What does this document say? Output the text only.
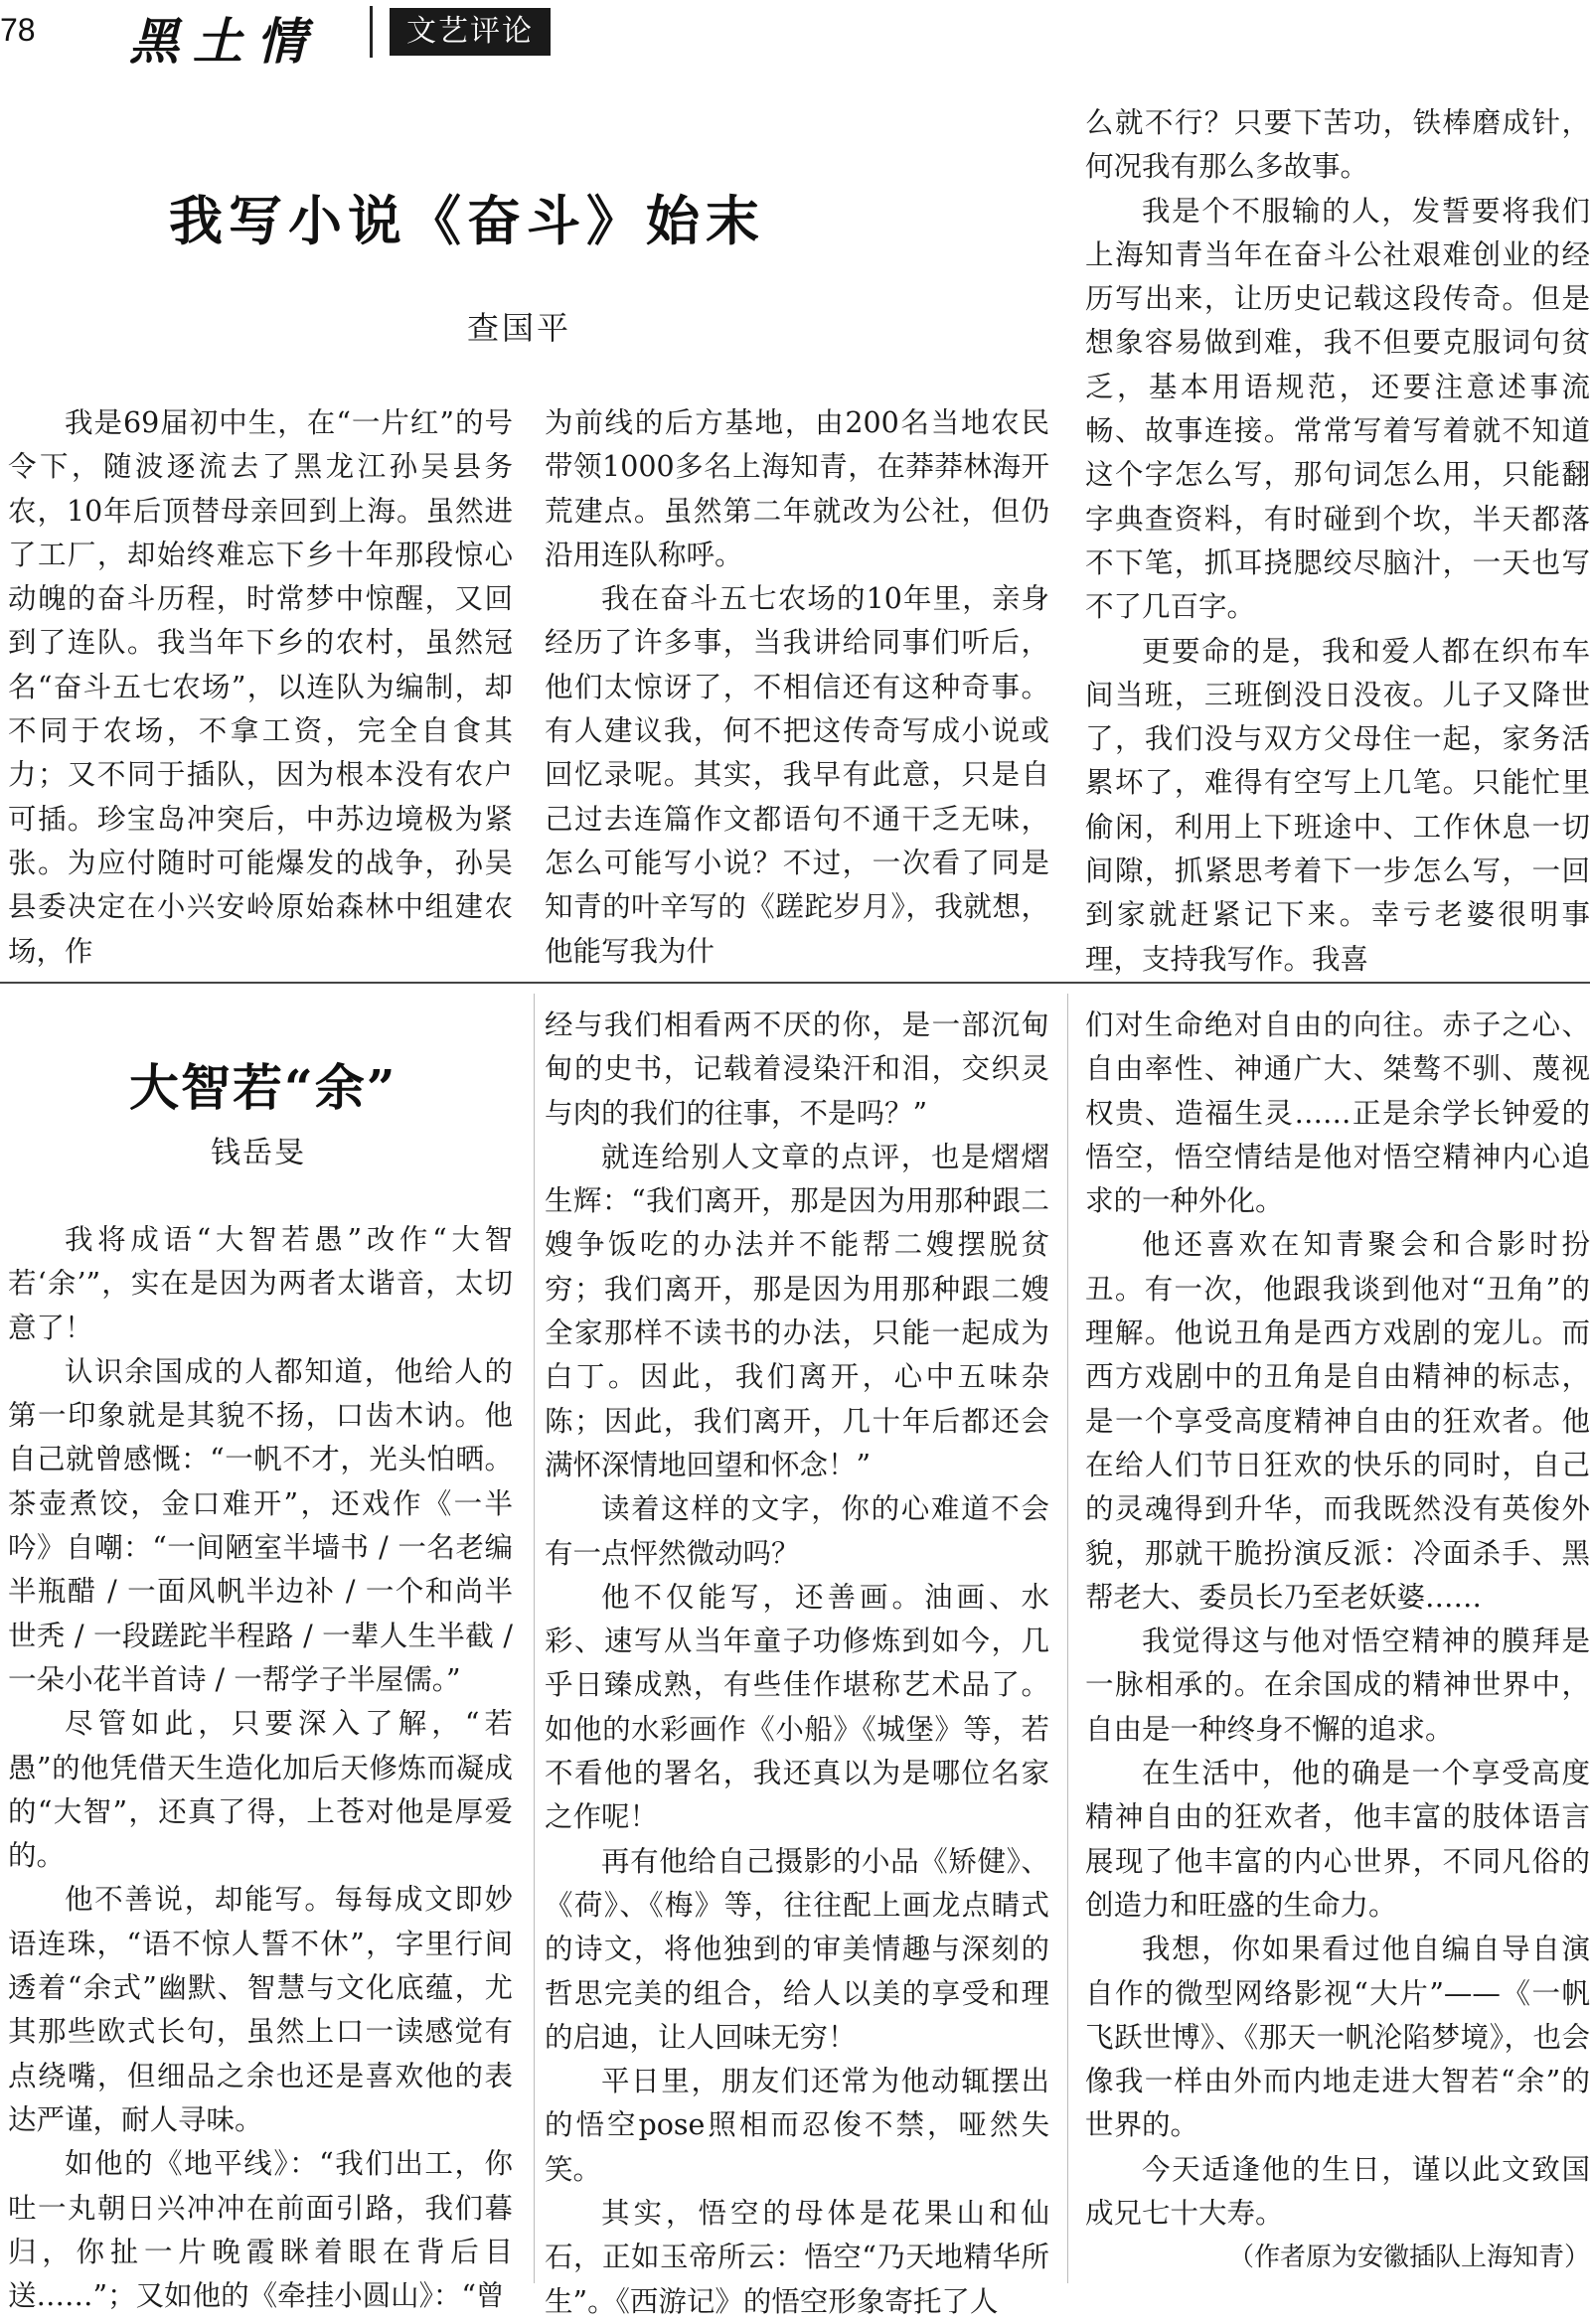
78 黑土情	文艺评论
我写小说《奋斗》始末
查国平

我是69届初中生，在“一片红”的号令下，随波逐流去了黑龙江孙吴县务农，10年后顶替母亲回到上海。虽然进了工厂，却始终难忘下乡十年那段惊心动魄的奋斗历程，时常梦中惊醒，又回到了连队。我当年下乡的农村，虽然冠名“奋斗五七农场”，以连队为编制，却不同于农场，不拿工资，完全自食其力；又不同于插队，因为根本没有农户可插。珍宝岛冲突后，中苏边境极为紧张。为应付随时可能爆发的战争，孙吴县委决定在小兴安岭原始森林中组建农场，作

为前线的后方基地，由200名当地农民带领1000多名上海知青，在莽莽林海开荒建点。虽然第二年就改为公社，但仍沿用连队称呼。

我在奋斗五七农场的10年里，亲身经历了许多事，当我讲给同事们听后，他们太惊讶了，不相信还有这种奇事。有人建议我，何不把这传奇写成小说或回忆录呢。其实，我早有此意，只是自己过去连篇作文都语句不通干乏无味，怎么可能写小说？不过，一次看了同是知青的叶辛写的《蹉跎岁月》，我就想，他能写我为什

么就不行？只要下苦功，铁棒磨成针，何况我有那么多故事。

我是个不服输的人，发誓要将我们上海知青当年在奋斗公社艰难创业的经历写出来，让历史记载这段传奇。但是想象容易做到难，我不但要克服词句贫乏，基本用语规范，还要注意述事流畅、故事连接。常常写着写着就不知道这个字怎么写，那句词怎么用，只能翻字典查资料，有时碰到个坎，半天都落不下笔，抓耳挠腮绞尽脑汁，一天也写不了几百字。

更要命的是，我和爱人都在织布车间当班，三班倒没日没夜。儿子又降世了，我们没与双方父母住一起，家务活累坏了，难得有空写上几笔。只能忙里偷闲，利用上下班途中、工作休息一切间隙，抓紧思考着下一步怎么写，一回到家就赶紧记下来。幸亏老婆很明事理，支持我写作。我喜

大智若“余”
钱岳旻

我将成语“大智若愚”改作“大智若‘余’”，实在是因为两者太谐音，太切意了！

认识余国成的人都知道，他给人的第一印象就是其貌不扬，口齿木讷。他自己就曾感慨：“一帆不才，光头怕晒。茶壶煮饺，金口难开”，还戏作《一半吟》自嘲：“一间陋室半墙书 / 一名老编半瓶醋 / 一面风帆半边补 / 一个和尚半世秃 / 一段蹉跎半程路 / 一辈人生半截 / 一朵小花半首诗 / 一帮学子半屋儒。”

尽管如此，只要深入了解，“若愚”的他凭借天生造化加后天修炼而凝成的“大智”，还真了得，上苍对他是厚爱的。

他不善说，却能写。每每成文即妙语连珠，“语不惊人誓不休”，字里行间透着“余式”幽默、智慧与文化底蕴，尤其那些欧式长句，虽然上口一读感觉有点绕嘴，但细品之余也还是喜欢他的表达严谨，耐人寻味。

如他的《地平线》：“我们出工，你吐一丸朝日兴冲冲在前面引路，我们暮归，你扯一片晚霞眯着眼在背后目送……”；又如他的《牵挂小圆山》：“曾

经与我们相看两不厌的你，是一部沉甸甸的史书，记载着浸染汗和泪，交织灵与肉的我们的往事，不是吗？”

就连给别人文章的点评，也是熠熠生辉：“我们离开，那是因为用那种跟二嫂争饭吃的办法并不能帮二嫂摆脱贫穷；我们离开，那是因为用那种跟二嫂全家那样不读书的办法，只能一起成为白丁。因此，我们离开，心中五味杂陈；因此，我们离开，几十年后都还会满怀深情地回望和怀念！”

读着这样的文字，你的心难道不会有一点怦然微动吗？

他不仅能写，还善画。油画、水彩、速写从当年童子功修炼到如今，几乎日臻成熟，有些佳作堪称艺术品了。如他的水彩画作《小船》《城堡》等，若不看他的署名，我还真以为是哪位名家之作呢！

再有他给自己摄影的小品《矫健》、《荷》、《梅》等，往往配上画龙点睛式的诗文，将他独到的审美情趣与深刻的哲思完美的组合，给人以美的享受和理的启迪，让人回味无穷！

平日里，朋友们还常为他动辄摆出的悟空pose照相而忍俊不禁，哑然失笑。

其实，悟空的母体是花果山和仙石，正如玉帝所云：悟空“乃天地精华所生”。《西游记》的悟空形象寄托了人

们对生命绝对自由的向往。赤子之心、自由率性、神通广大、桀骜不驯、蔑视权贵、造福生灵……正是余学长钟爱的悟空，悟空情结是他对悟空精神内心追求的一种外化。

他还喜欢在知青聚会和合影时扮丑。有一次，他跟我谈到他对“丑角”的理解。他说丑角是西方戏剧的宠儿。而西方戏剧中的丑角是自由精神的标志，是一个享受高度精神自由的狂欢者。他在给人们节日狂欢的快乐的同时，自己的灵魂得到升华，而我既然没有英俊外貌，那就干脆扮演反派：冷面杀手、黑帮老大、委员长乃至老妖婆……

我觉得这与他对悟空精神的膜拜是一脉相承的。在余国成的精神世界中，自由是一种终身不懈的追求。

在生活中，他的确是一个享受高度精神自由的狂欢者，他丰富的肢体语言展现了他丰富的内心世界，不同凡俗的创造力和旺盛的生命力。

我想，你如果看过他自编自导自演自作的微型网络影视“大片”——《一帆飞跃世博》、《那天一帆沦陷梦境》，也会像我一样由外而内地走进大智若“余”的世界的。

今天适逢他的生日，谨以此文致国成兄七十大寿。

（作者原为安徽插队上海知青）
